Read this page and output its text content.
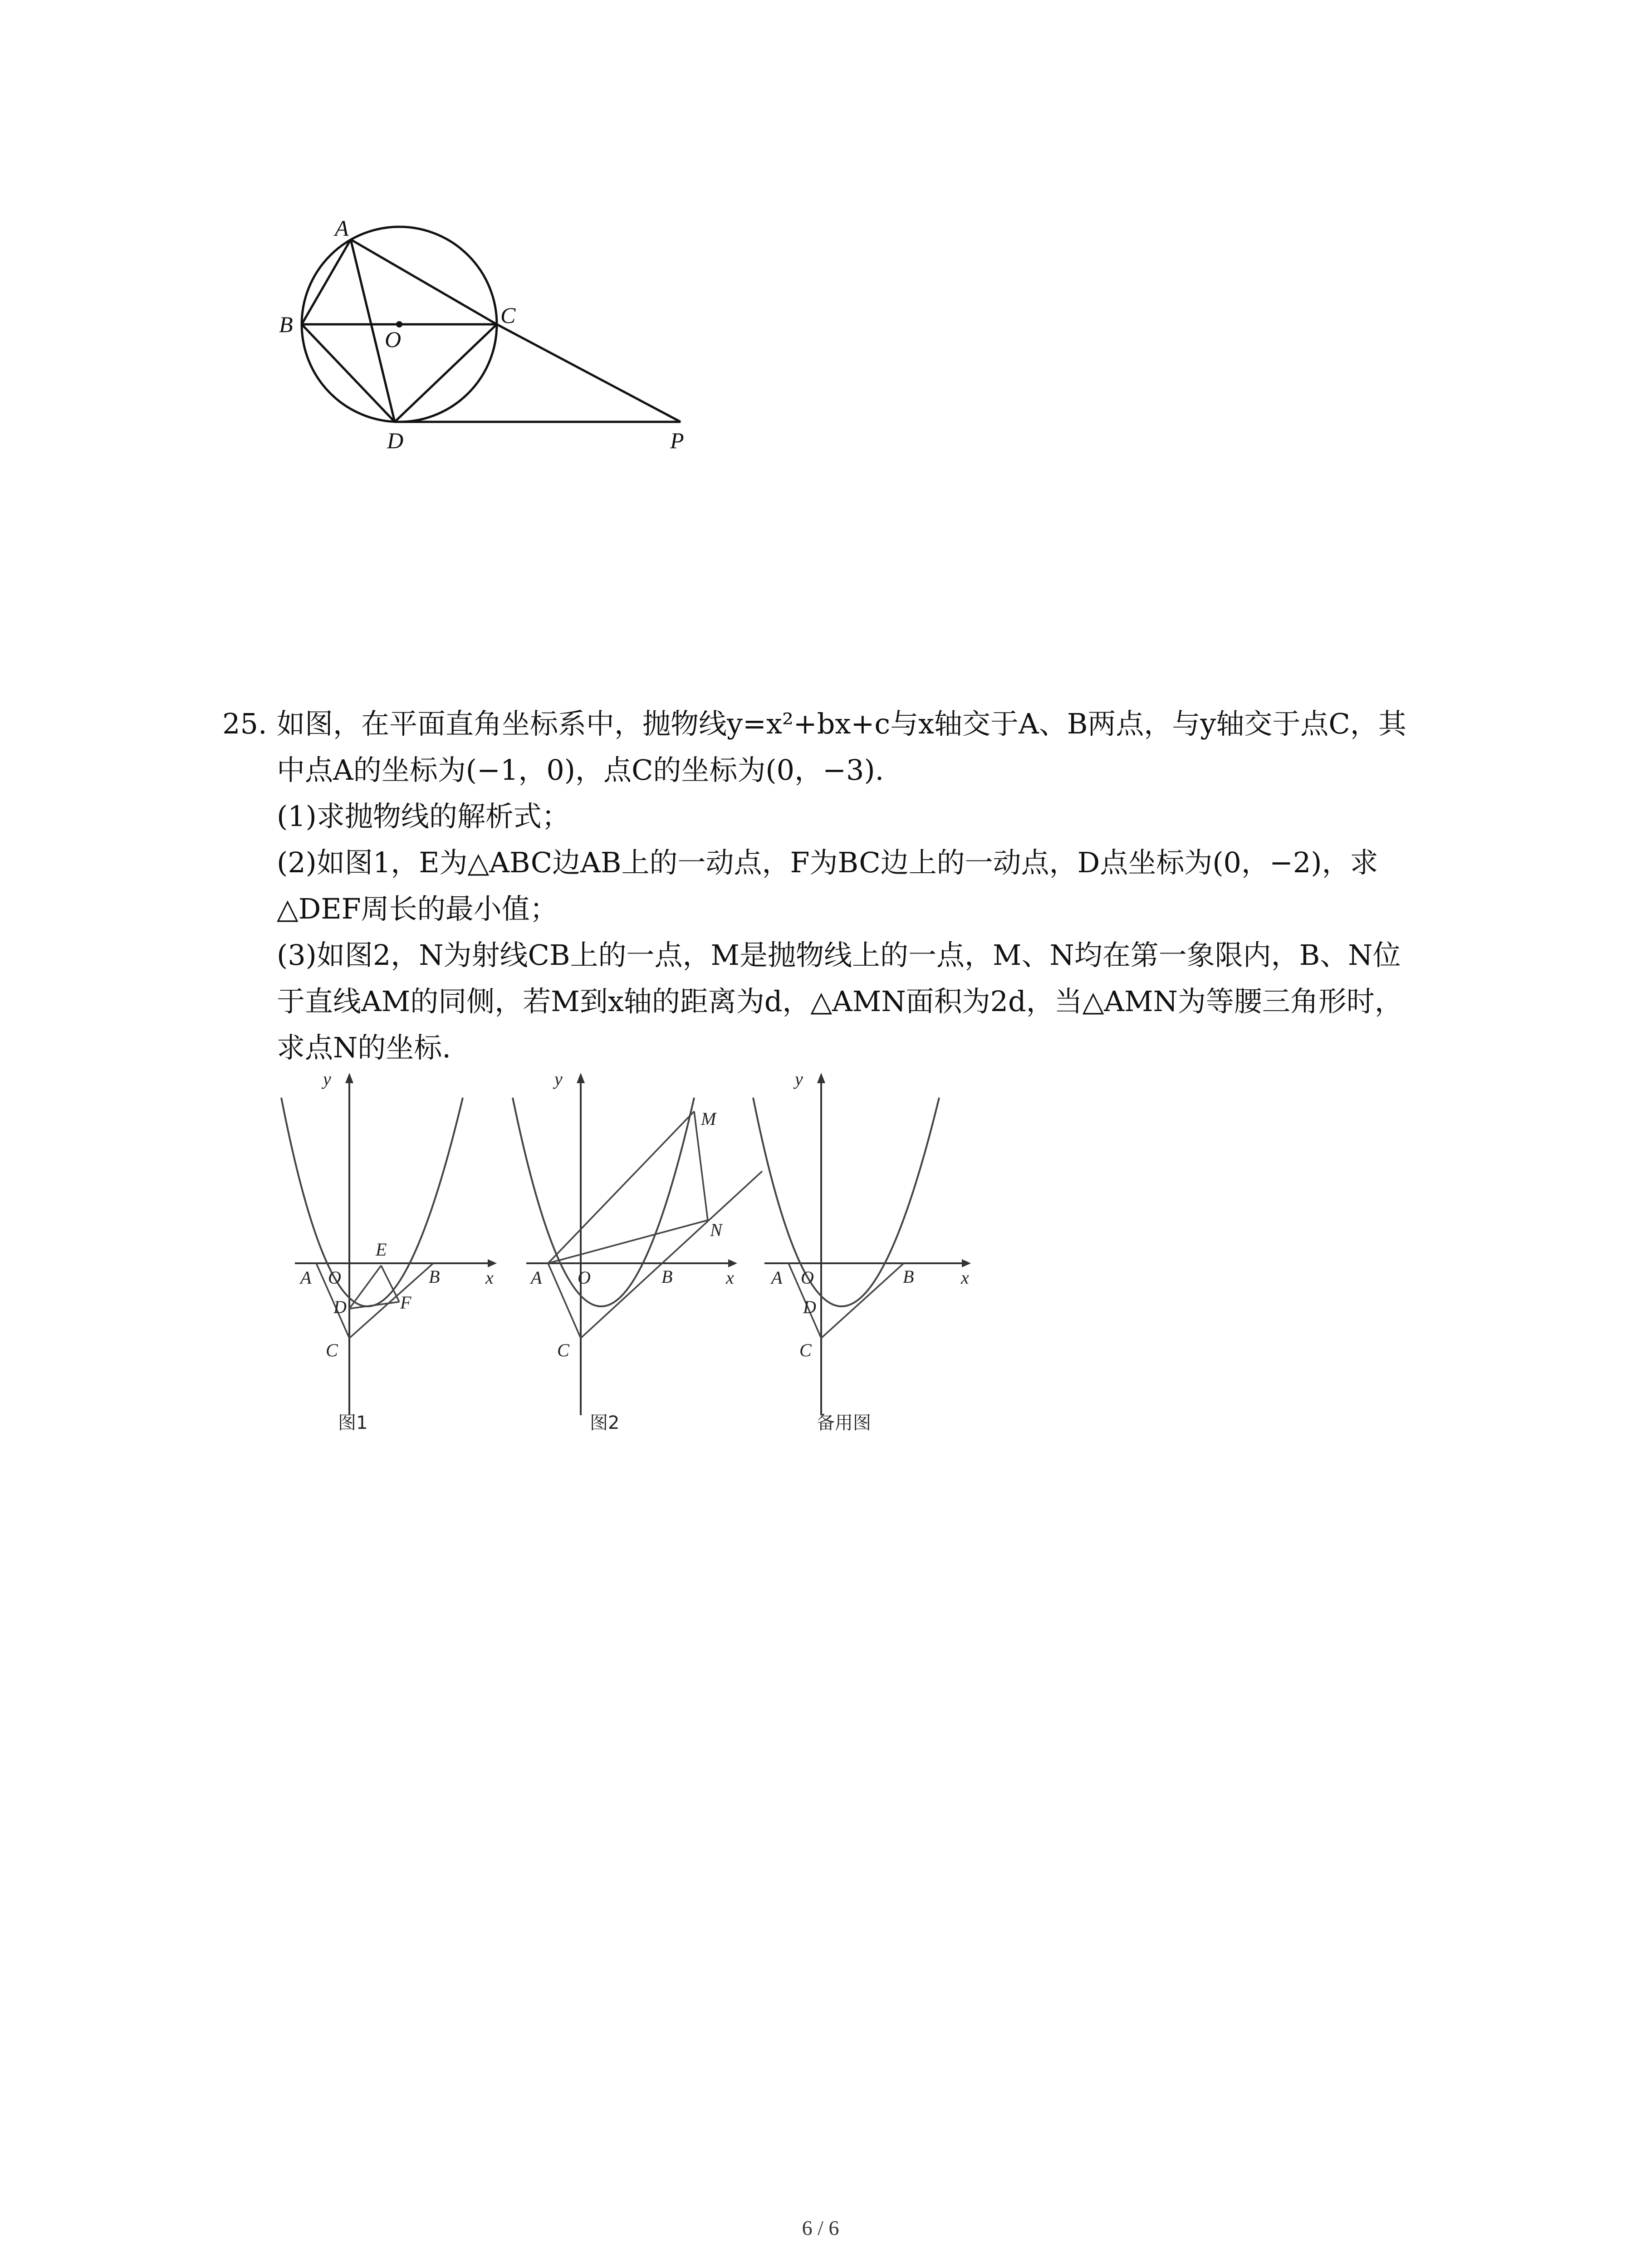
A
B	C
O
D	P

25. 如图，在平面直角坐标系中，抛物线y=x²+bx+c与x轴交于A、B两点，与y轴交于点C，其

中点A的坐标为(−1，0)，点C的坐标为(0，−3).

(1)求抛物线的解析式；

(2)如图1，E为△ABC边AB上的一动点，F为BC边上的一动点，D点坐标为(0，−2)，求

△DEF周长的最小值；

(3)如图2，N为射线CB上的一点，M是抛物线上的一点，M、N均在第一象限内，B、N位

于直线AM的同侧，若M到x轴的距离为d，△AMN面积为2d，当△AMN为等腰三角形时，

求点N的坐标.

y
x
A O	B
C
D
E
F
图1
y
x
A O	B
C
M
N
图2
y
x
A O	B
C
D
备用图
6 / 6
